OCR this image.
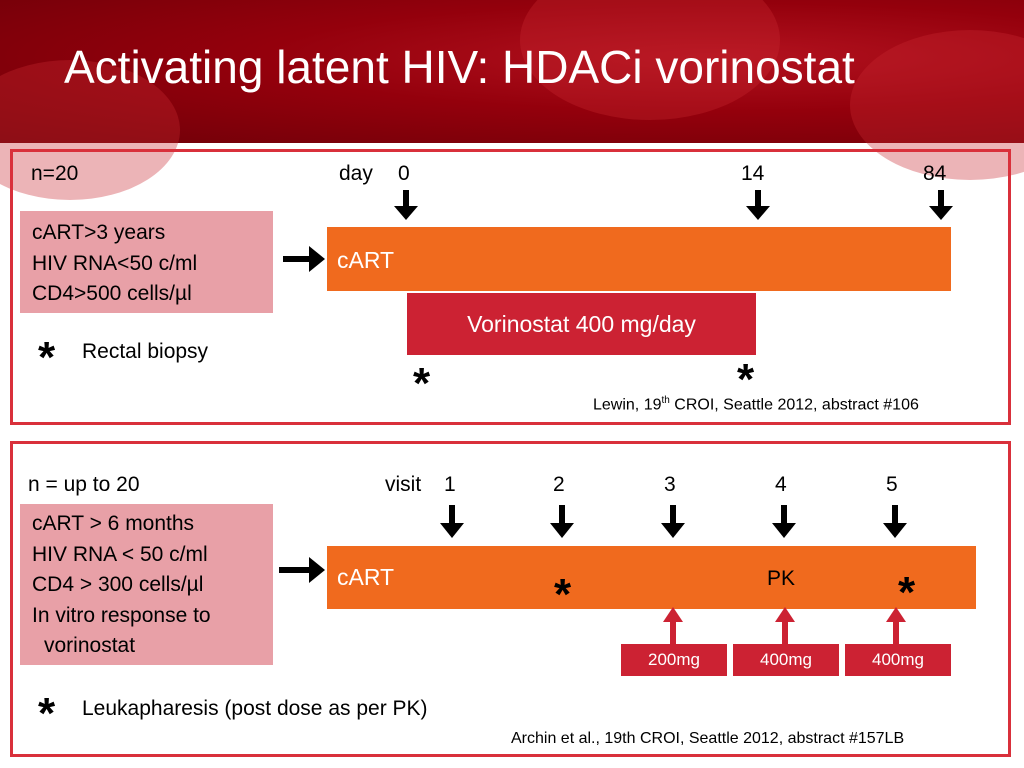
Activating latent HIV: HDACi vorinostat
n=20	day 0	14	84
cART>3 years
HIV RNA<50 c/ml
CD4>500 cells/µl
cART
Vorinostat 400 mg/day
* Rectal biopsy
*	*
Lewin, 19th CROI, Seattle 2012, abstract #106
n = up to 20	visit 1	2	3	4	5
cART > 6 months
HIV RNA < 50 c/ml
CD4 > 300 cells/µl
In vitro response to
vorinostat
cART	PK
*	*
200mg	400mg	400mg
* Leukapharesis (post dose as per PK)
Archin et al., 19th CROI, Seattle 2012, abstract #157LB
